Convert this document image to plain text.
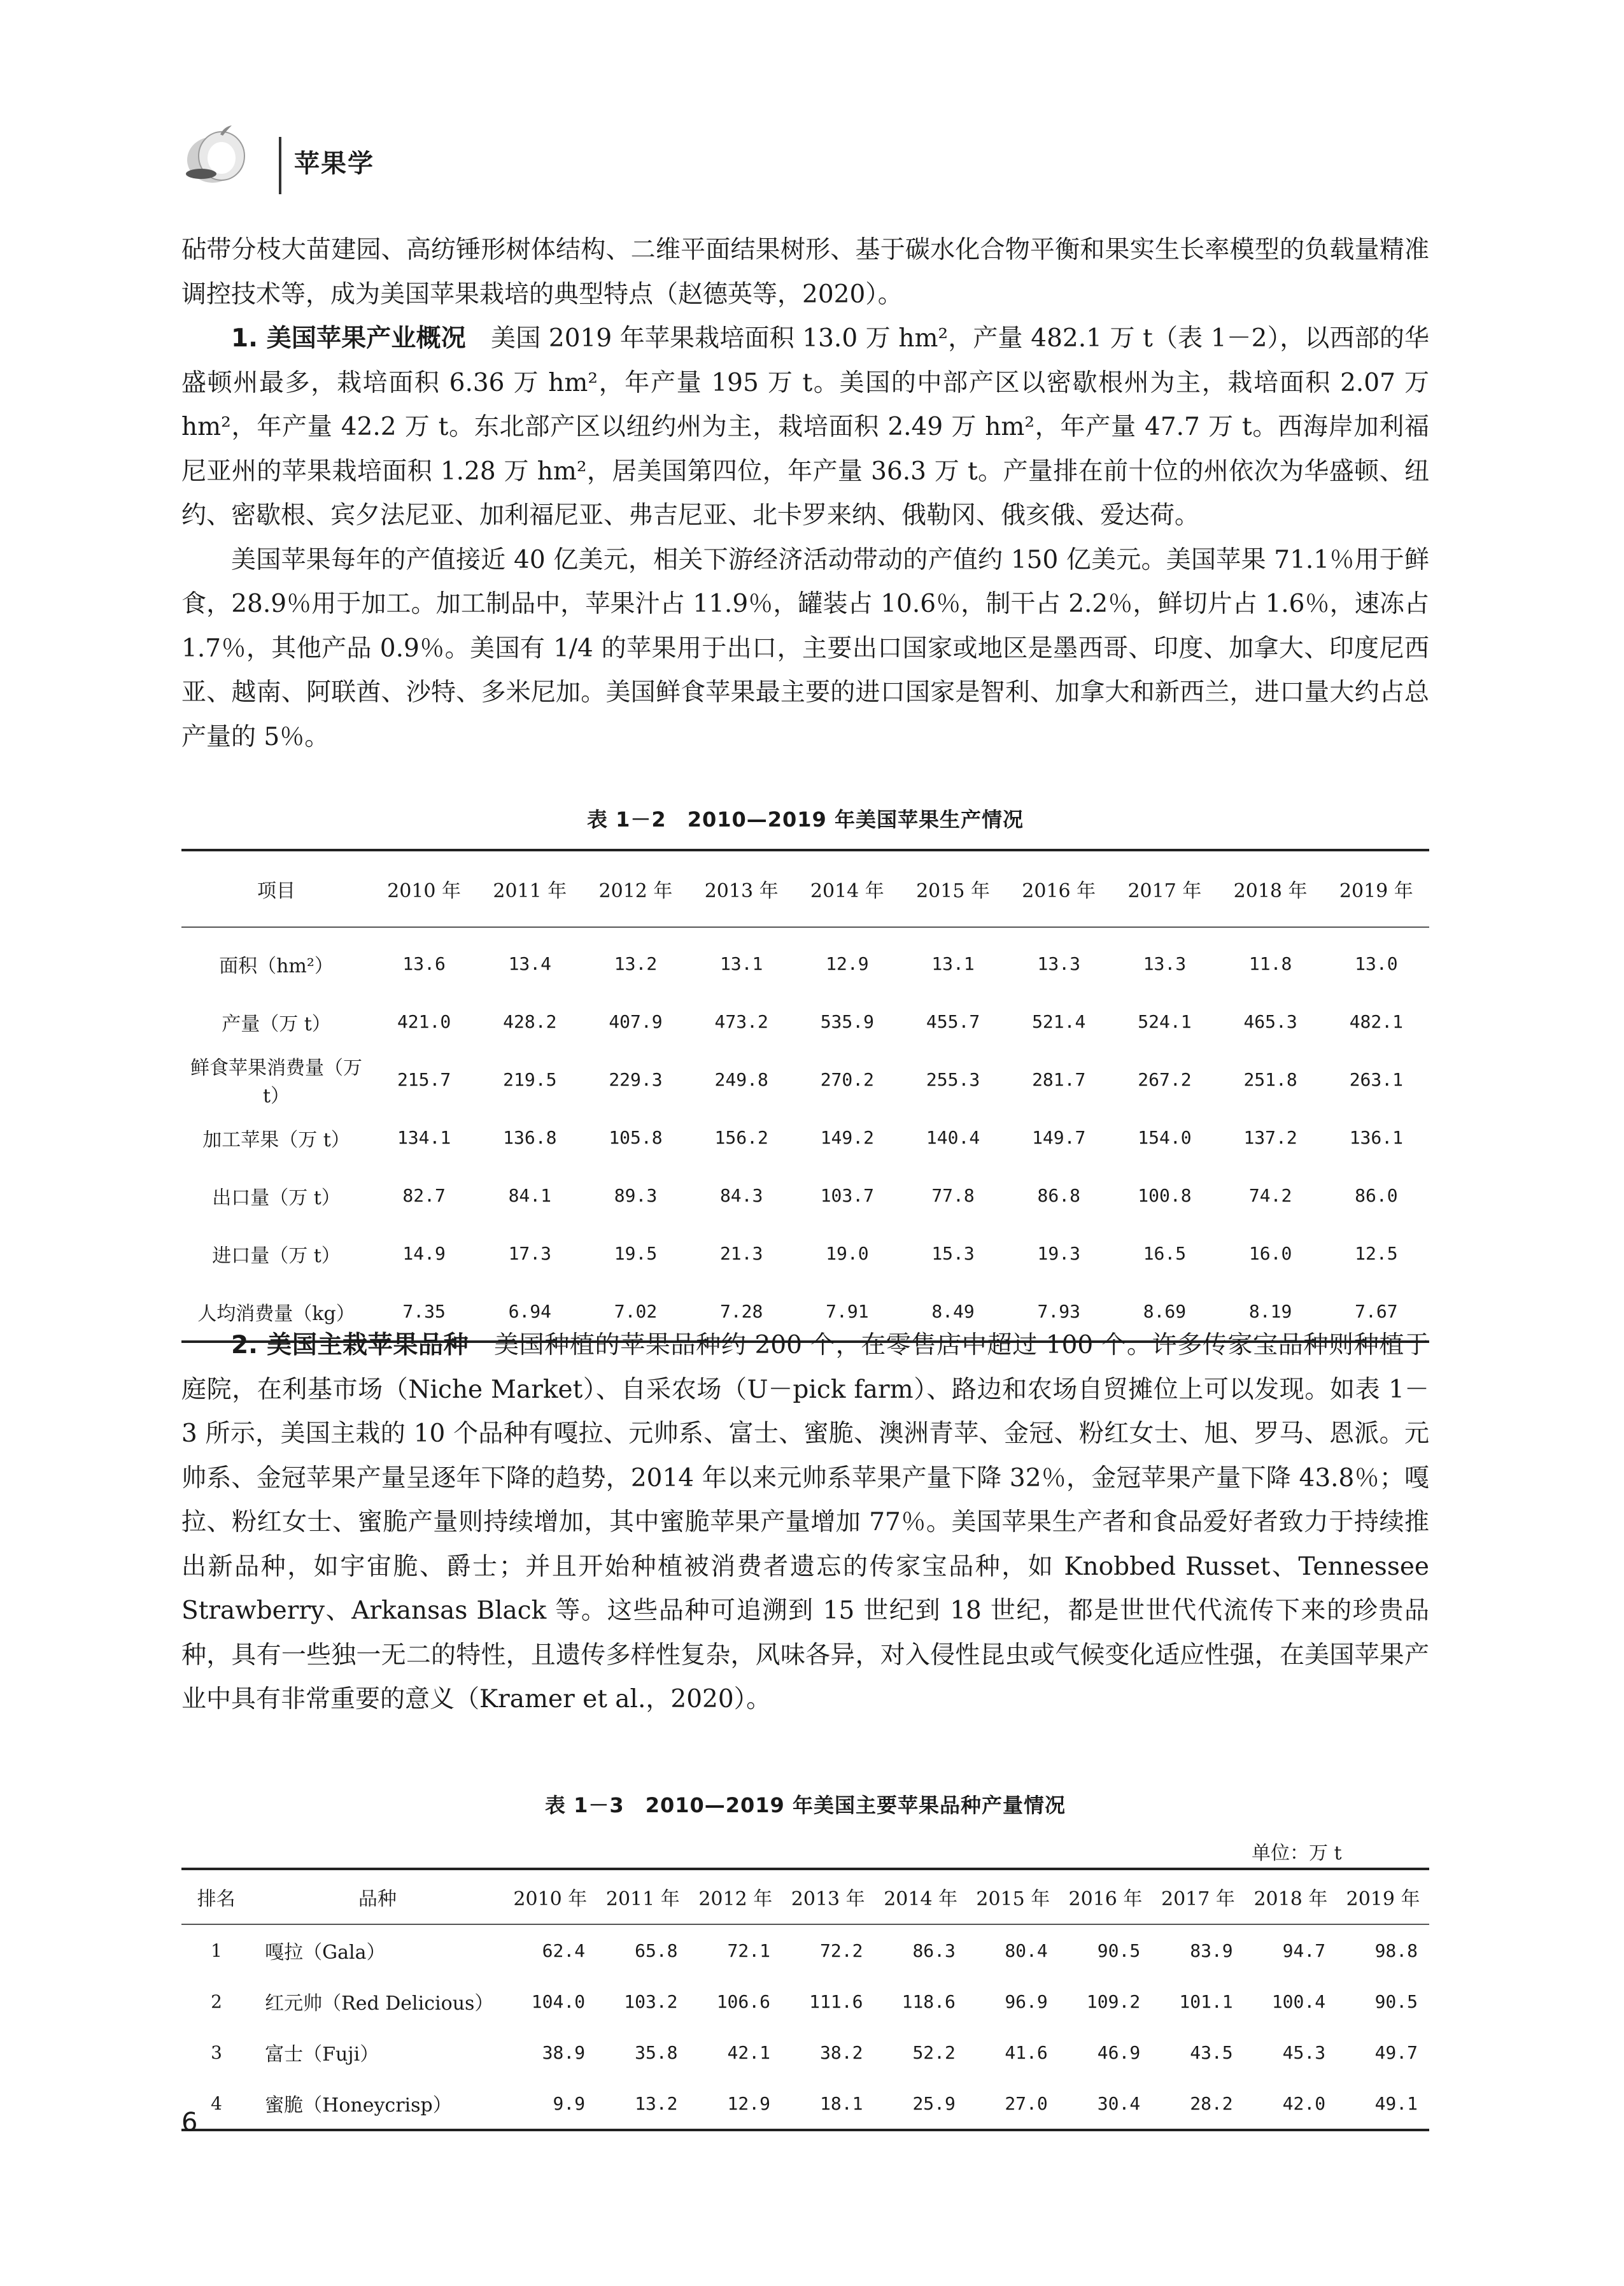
苹果学

砧带分枝大苗建园、高纺锤形树体结构、二维平面结果树形、基于碳水化合物平衡和果实生长率模型的负载量精准调控技术等，成为美国苹果栽培的典型特点（赵德英等，2020）。

1. 美国苹果产业概况　 美国 2019 年苹果栽培面积 13.0 万 hm²，产量 482.1 万 t（表 1－2），以西部的华盛顿州最多，栽培面积 6.36 万 hm²，年产量 195 万 t。美国的中部产区以密歇根州为主，栽培面积 2.07 万 hm²，年产量 42.2 万 t。东北部产区以纽约州为主，栽培面积 2.49 万 hm²，年产量 47.7 万 t。西海岸加利福尼亚州的苹果栽培面积 1.28 万 hm²，居美国第四位，年产量 36.3 万 t。产量排在前十位的州依次为华盛顿、纽约、密歇根、宾夕法尼亚、加利福尼亚、弗吉尼亚、北卡罗来纳、俄勒冈、俄亥俄、爱达荷。

美国苹果每年的产值接近 40 亿美元，相关下游经济活动带动的产值约 150 亿美元。美国苹果 71.1％用于鲜食，28.9％用于加工。加工制品中，苹果汁占 11.9％，罐装占 10.6％，制干占 2.2％，鲜切片占 1.6％，速冻占 1.7％，其他产品 0.9％。美国有 1/4 的苹果用于出口，主要出口国家或地区是墨西哥、印度、加拿大、印度尼西亚、越南、阿联酋、沙特、多米尼加。美国鲜食苹果最主要的进口国家是智利、加拿大和新西兰，进口量大约占总产量的 5％。

表 1－2　2010—2019 年美国苹果生产情况
项目	2010 年	2011 年	2012 年	2013 年	2014 年	2015 年	2016 年	2017 年	2018 年	2019 年
面积（hm²）	13.6	13.4	13.2	13.1	12.9	13.1	13.3	13.3	11.8	13.0
产量（万 t）	421.0	428.2	407.9	473.2	535.9	455.7	521.4	524.1	465.3	482.1
鲜食苹果消费量（万 t）	215.7	219.5	229.3	249.8	270.2	255.3	281.7	267.2	251.8	263.1
加工苹果（万 t）	134.1	136.8	105.8	156.2	149.2	140.4	149.7	154.0	137.2	136.1
出口量（万 t）	82.7	84.1	89.3	84.3	103.7	77.8	86.8	100.8	74.2	86.0
进口量（万 t）	14.9	17.3	19.5	21.3	19.0	15.3	19.3	16.5	16.0	12.5
人均消费量（kg）	7.35	6.94	7.02	7.28	7.91	8.49	7.93	8.69	8.19	7.67

2. 美国主栽苹果品种　 美国种植的苹果品种约 200 个，在零售店中超过 100 个。许多传家宝品种则种植于庭院，在利基市场（Niche Market）、自采农场（U－pick farm）、路边和农场自贸摊位上可以发现。如表 1－3 所示，美国主栽的 10 个品种有嘎拉、元帅系、富士、蜜脆、澳洲青苹、金冠、粉红女士、旭、罗马、恩派。元帅系、金冠苹果产量呈逐年下降的趋势，2014 年以来元帅系苹果产量下降 32％，金冠苹果产量下降 43.8％；嘎拉、粉红女士、蜜脆产量则持续增加，其中蜜脆苹果产量增加 77％。美国苹果生产者和食品爱好者致力于持续推出新品种，如宇宙脆、爵士；并且开始种植被消费者遗忘的传家宝品种，如 Knobbed Russet、Tennessee Strawberry、Arkansas Black 等。这些品种可追溯到 15 世纪到 18 世纪，都是世世代代流传下来的珍贵品种，具有一些独一无二的特性，且遗传多样性复杂，风味各异，对入侵性昆虫或气候变化适应性强，在美国苹果产业中具有非常重要的意义（Kramer et al.，2020）。

表 1－3　2010—2019 年美国主要苹果品种产量情况
单位：万 t
排名	品种	2010 年	2011 年	2012 年	2013 年	2014 年	2015 年	2016 年	2017 年	2018 年	2019 年
1	嘎拉（Gala）	62.4	65.8	72.1	72.2	86.3	80.4	90.5	83.9	94.7	98.8
2	红元帅（Red Delicious）	104.0	103.2	106.6	111.6	118.6	96.9	109.2	101.1	100.4	90.5
3	富士（Fuji）	38.9	35.8	42.1	38.2	52.2	41.6	46.9	43.5	45.3	49.7
4	蜜脆（Honeycrisp）	9.9	13.2	12.9	18.1	25.9	27.0	30.4	28.2	42.0	49.1
6
